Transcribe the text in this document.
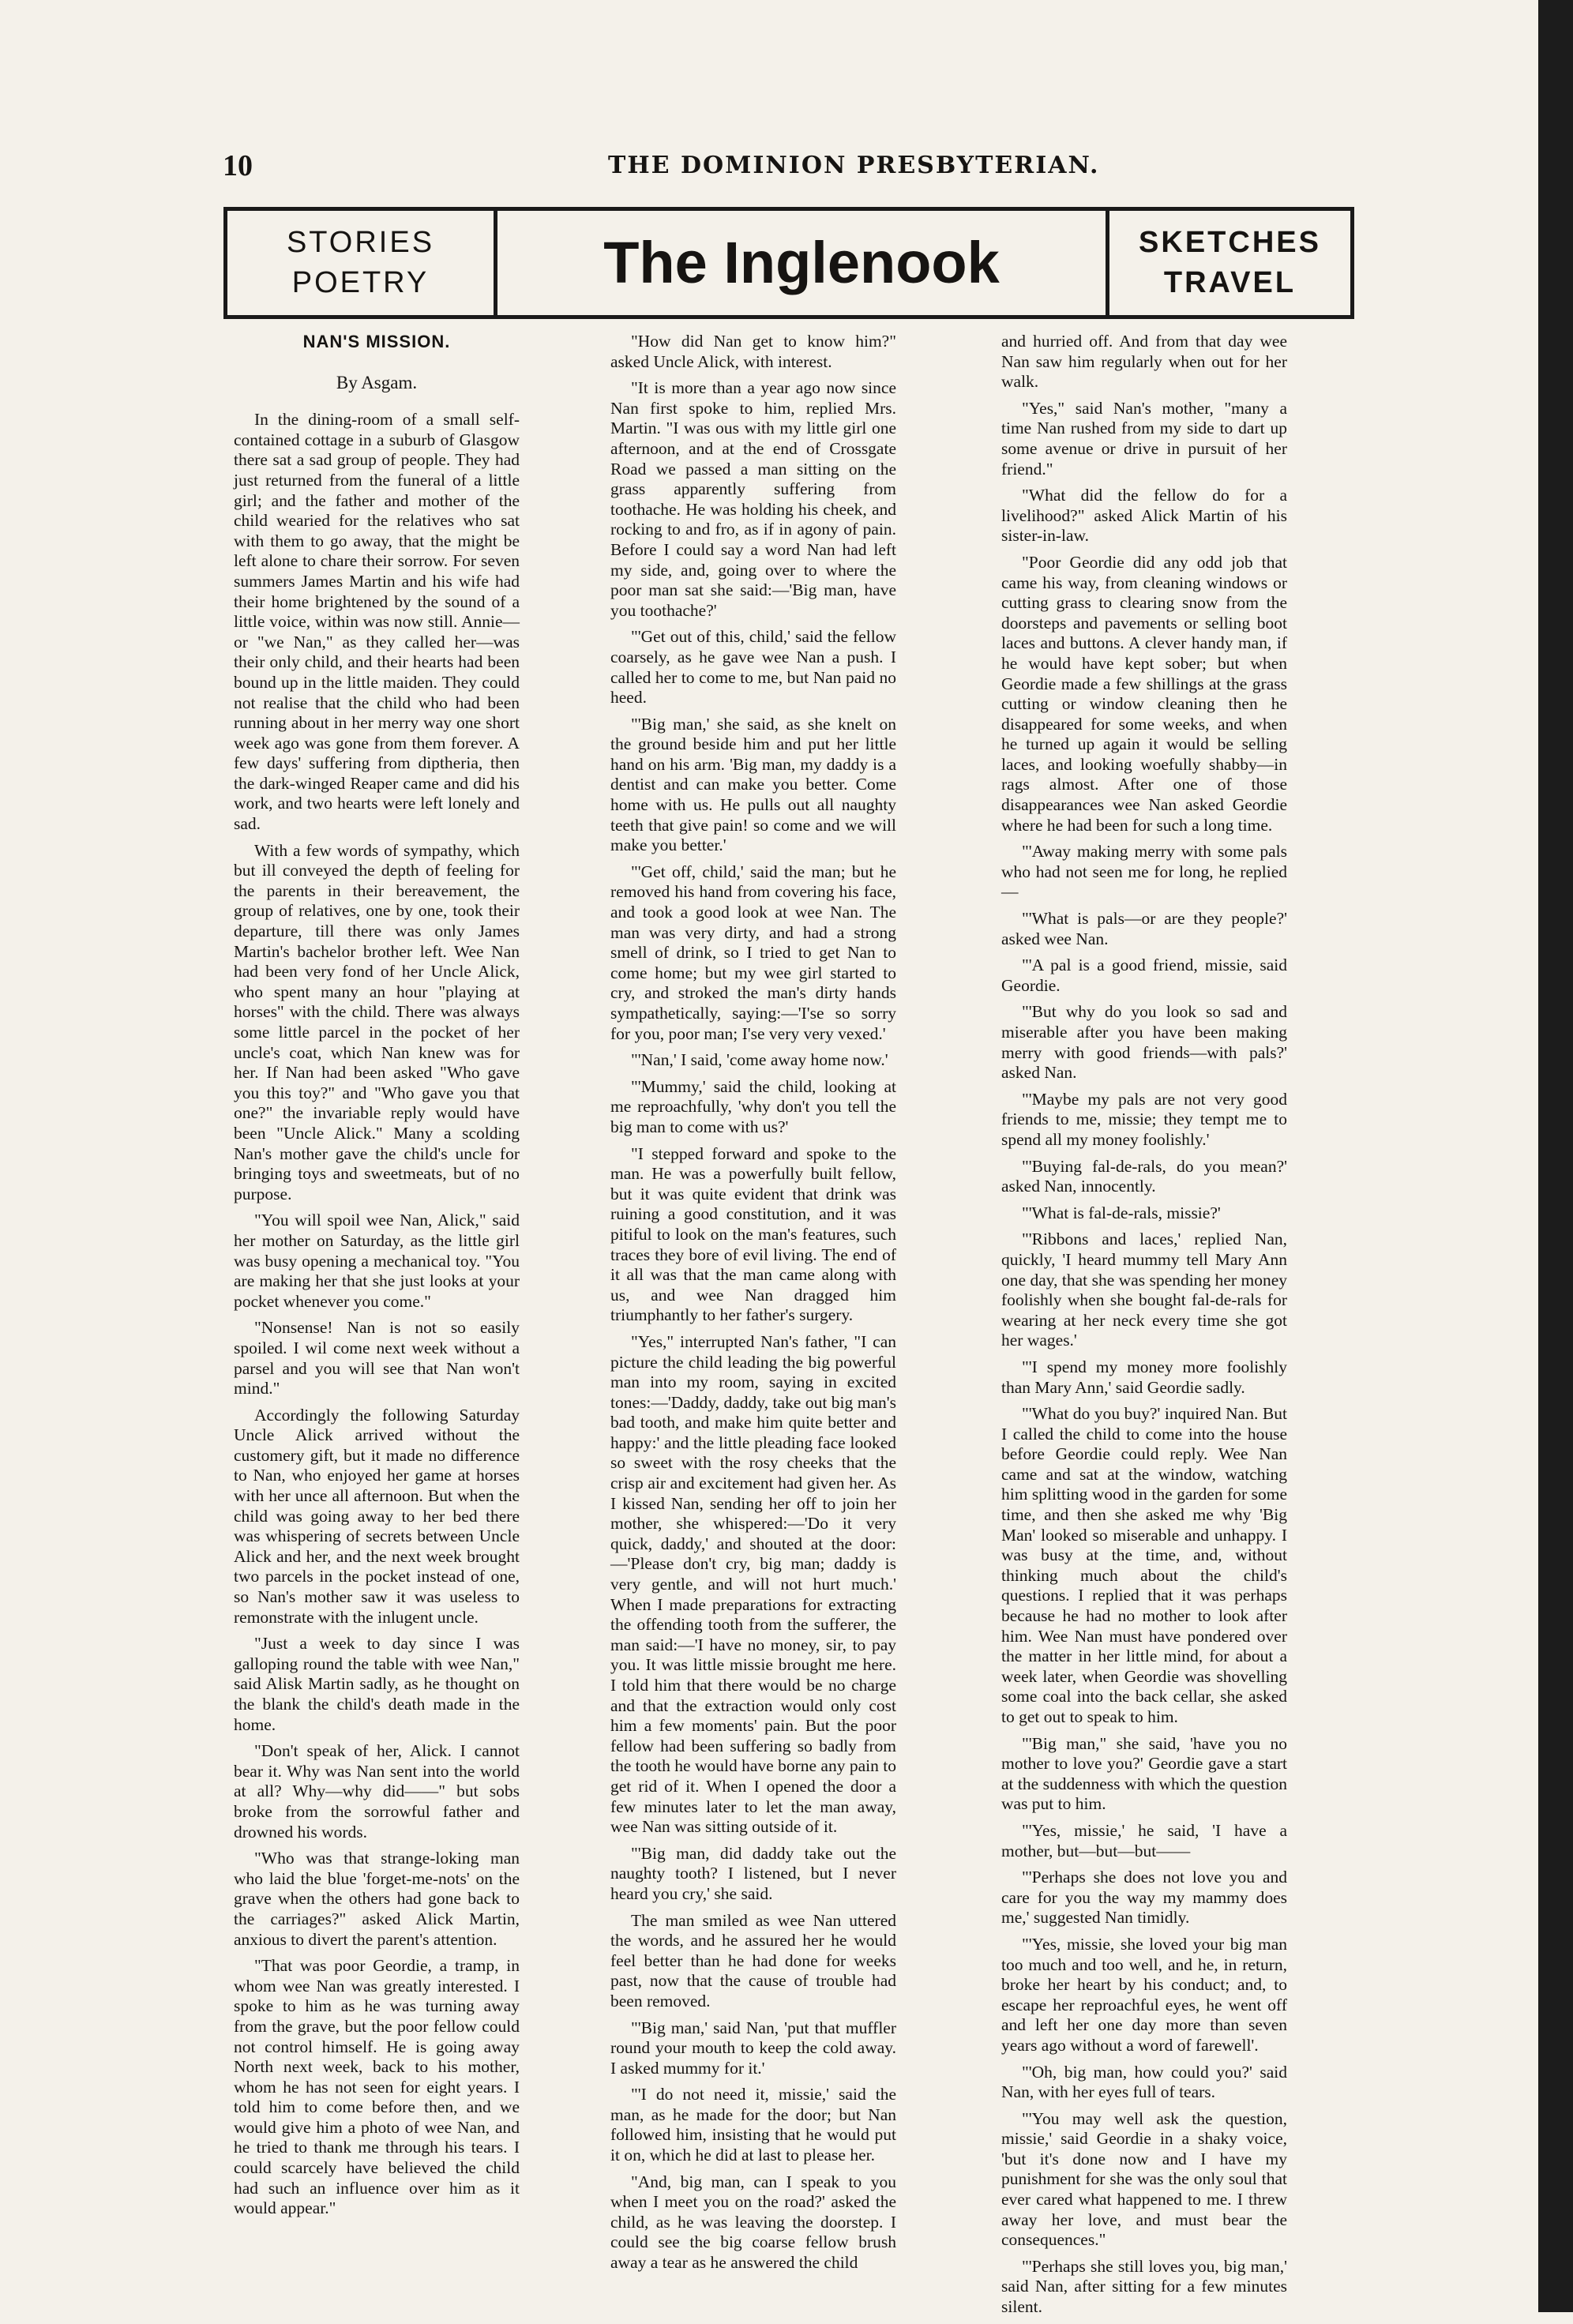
10	THE DOMINION PRESBYTERIAN.
STORIES
POETRY	The Inglenook	SKETCHES
TRAVEL
NAN'S MISSION.
By Asgam.

In the dining-room of a small self-contained cottage in a suburb of Glasgow there sat a sad group of people. They had just returned from the funeral of a little girl; and the father and mother of the child wearied for the relatives who sat with them to go away, that the might be left alone to chare their sorrow. For seven summers James Martin and his wife had their home brightened by the sound of a little voice, within was now still. Annie—or "we Nan," as they called her—was their only child, and their hearts had been bound up in the little maiden. They could not realise that the child who had been running about in her merry way one short week ago was gone from them forever. A few days' suffering from diptheria, then the dark-winged Reaper came and did his work, and two hearts were left lonely and sad.

With a few words of sympathy, which but ill conveyed the depth of feeling for the parents in their bereavement, the group of relatives, one by one, took their departure, till there was only James Martin's bachelor brother left. Wee Nan had been very fond of her Uncle Alick, who spent many an hour "playing at horses" with the child. There was always some little parcel in the pocket of her uncle's coat, which Nan knew was for her. If Nan had been asked "Who gave you this toy?" and "Who gave you that one?" the invariable reply would have been "Uncle Alick." Many a scolding Nan's mother gave the child's uncle for bringing toys and sweetmeats, but of no purpose.

"You will spoil wee Nan, Alick," said her mother on Saturday, as the little girl was busy opening a mechanical toy. "You are making her that she just looks at your pocket whenever you come."

"Nonsense! Nan is not so easily spoiled. I wil come next week without a parsel and you will see that Nan won't mind."

Accordingly the following Saturday Uncle Alick arrived without the customery gift, but it made no difference to Nan, who enjoyed her game at horses with her unce all afternoon. But when the child was going away to her bed there was whispering of secrets between Uncle Alick and her, and the next week brought two parcels in the pocket instead of one, so Nan's mother saw it was useless to remonstrate with the inlugent uncle.

"Just a week to day since I was galloping round the table with wee Nan," said Alisk Martin sadly, as he thought on the blank the child's death made in the home.

"Don't speak of her, Alick. I cannot bear it. Why was Nan sent into the world at all? Why—why did——" but sobs broke from the sorrowful father and drowned his words.

"Who was that strange-loking man who laid the blue 'forget-me-nots' on the grave when the others had gone back to the carriages?" asked Alick Martin, anxious to divert the parent's attention.

"That was poor Geordie, a tramp, in whom wee Nan was greatly interested. I spoke to him as he was turning away from the grave, but the poor fellow could not control himself. He is going away North next week, back to his mother, whom he has not seen for eight years. I told him to come before then, and we would give him a photo of wee Nan, and he tried to thank me through his tears. I could scarcely have believed the child had such an influence over him as it would appear."

"How did Nan get to know him?" asked Uncle Alick, with interest.

"It is more than a year ago now since Nan first spoke to him, replied Mrs. Martin. "I was ous with my little girl one afternoon, and at the end of Crossgate Road we passed a man sitting on the grass apparently suffering from toothache. He was holding his cheek, and rocking to and fro, as if in agony of pain. Before I could say a word Nan had left my side, and, going over to where the poor man sat she said:—'Big man, have you toothache?'

"'Get out of this, child,' said the fellow coarsely, as he gave wee Nan a push. I called her to come to me, but Nan paid no heed.

"'Big man,' she said, as she knelt on the ground beside him and put her little hand on his arm. 'Big man, my daddy is a dentist and can make you better. Come home with us. He pulls out all naughty teeth that give pain! so come and we will make you better.'

"'Get off, child,' said the man; but he removed his hand from covering his face, and took a good look at wee Nan. The man was very dirty, and had a strong smell of drink, so I tried to get Nan to come home; but my wee girl started to cry, and stroked the man's dirty hands sympathetically, saying:—'I'se so sorry for you, poor man; I'se very very vexed.'

"'Nan,' I said, 'come away home now.'

"'Mummy,' said the child, looking at me reproachfully, 'why don't you tell the big man to come with us?'

"I stepped forward and spoke to the man. He was a powerfully built fellow, but it was quite evident that drink was ruining a good constitution, and it was pitiful to look on the man's features, such traces they bore of evil living. The end of it all was that the man came along with us, and wee Nan dragged him triumphantly to her father's surgery.

"Yes," interrupted Nan's father, "I can picture the child leading the big powerful man into my room, saying in excited tones:—'Daddy, daddy, take out big man's bad tooth, and make him quite better and happy:' and the little pleading face looked so sweet with the rosy cheeks that the crisp air and excitement had given her. As I kissed Nan, sending her off to join her mother, she whispered:—'Do it very quick, daddy,' and shouted at the door:—'Please don't cry, big man; daddy is very gentle, and will not hurt much.' When I made preparations for extracting the offending tooth from the sufferer, the man said:—'I have no money, sir, to pay you. It was little missie brought me here. I told him that there would be no charge and that the extraction would only cost him a few moments' pain. But the poor fellow had been suffering so badly from the tooth he would have borne any pain to get rid of it. When I opened the door a few minutes later to let the man away, wee Nan was sitting outside of it.

"'Big man, did daddy take out the naughty tooth? I listened, but I never heard you cry,' she said.

The man smiled as wee Nan uttered the words, and he assured her he would feel better than he had done for weeks past, now that the cause of trouble had been removed.

"'Big man,' said Nan, 'put that muffler round your mouth to keep the cold away. I asked mummy for it.'

"'I do not need it, missie,' said the man, as he made for the door; but Nan followed him, insisting that he would put it on, which he did at last to please her.

"And, big man, can I speak to you when I meet you on the road?' asked the child, as he was leaving the doorstep. I could see the big coarse fellow brush away a tear as he answered the child

and hurried off. And from that day wee Nan saw him regularly when out for her walk.

"Yes," said Nan's mother, "many a time Nan rushed from my side to dart up some avenue or drive in pursuit of her friend."

"What did the fellow do for a livelihood?" asked Alick Martin of his sister-in-law.

"Poor Geordie did any odd job that came his way, from cleaning windows or cutting grass to clearing snow from the doorsteps and pavements or selling boot laces and buttons. A clever handy man, if he would have kept sober; but when Geordie made a few shillings at the grass cutting or window cleaning then he disappeared for some weeks, and when he turned up again it would be selling laces, and looking woefully shabby—in rags almost. After one of those disappearances wee Nan asked Geordie where he had been for such a long time.

"'Away making merry with some pals who had not seen me for long, he replied—

"'What is pals—or are they people?' asked wee Nan.

"'A pal is a good friend, missie, said Geordie.

"'But why do you look so sad and miserable after you have been making merry with good friends—with pals?' asked Nan.

"'Maybe my pals are not very good friends to me, missie; they tempt me to spend all my money foolishly.'

"'Buying fal-de-rals, do you mean?' asked Nan, innocently.

"'What is fal-de-rals, missie?'

"'Ribbons and laces,' replied Nan, quickly, 'I heard mummy tell Mary Ann one day, that she was spending her money foolishly when she bought fal-de-rals for wearing at her neck every time she got her wages.'

"'I spend my money more foolishly than Mary Ann,' said Geordie sadly.

"'What do you buy?' inquired Nan. But I called the child to come into the house before Geordie could reply. Wee Nan came and sat at the window, watching him splitting wood in the garden for some time, and then she asked me why 'Big Man' looked so miserable and unhappy. I was busy at the time, and, without thinking much about the child's questions. I replied that it was perhaps because he had no mother to look after him. Wee Nan must have pondered over the matter in her little mind, for about a week later, when Geordie was shovelling some coal into the back cellar, she asked to get out to speak to him.

"'Big man," she said, 'have you no mother to love you?' Geordie gave a start at the suddenness with which the question was put to him.

"'Yes, missie,' he said, 'I have a mother, but—but—but——

"'Perhaps she does not love you and care for you the way my mammy does me,' suggested Nan timidly.

"'Yes, missie, she loved your big man too much and too well, and he, in return, broke her heart by his conduct; and, to escape her reproachful eyes, he went off and left her one day more than seven years ago without a word of farewell'.

"'Oh, big man, how could you?' said Nan, with her eyes full of tears.

"'You may well ask the question, missie,' said Geordie in a shaky voice, 'but it's done now and I have my punishment for she was the only soul that ever cared what happened to me. I threw away her love, and must bear the consequences."

"'Perhaps she still loves you, big man,' said Nan, after sitting for a few minutes silent.
